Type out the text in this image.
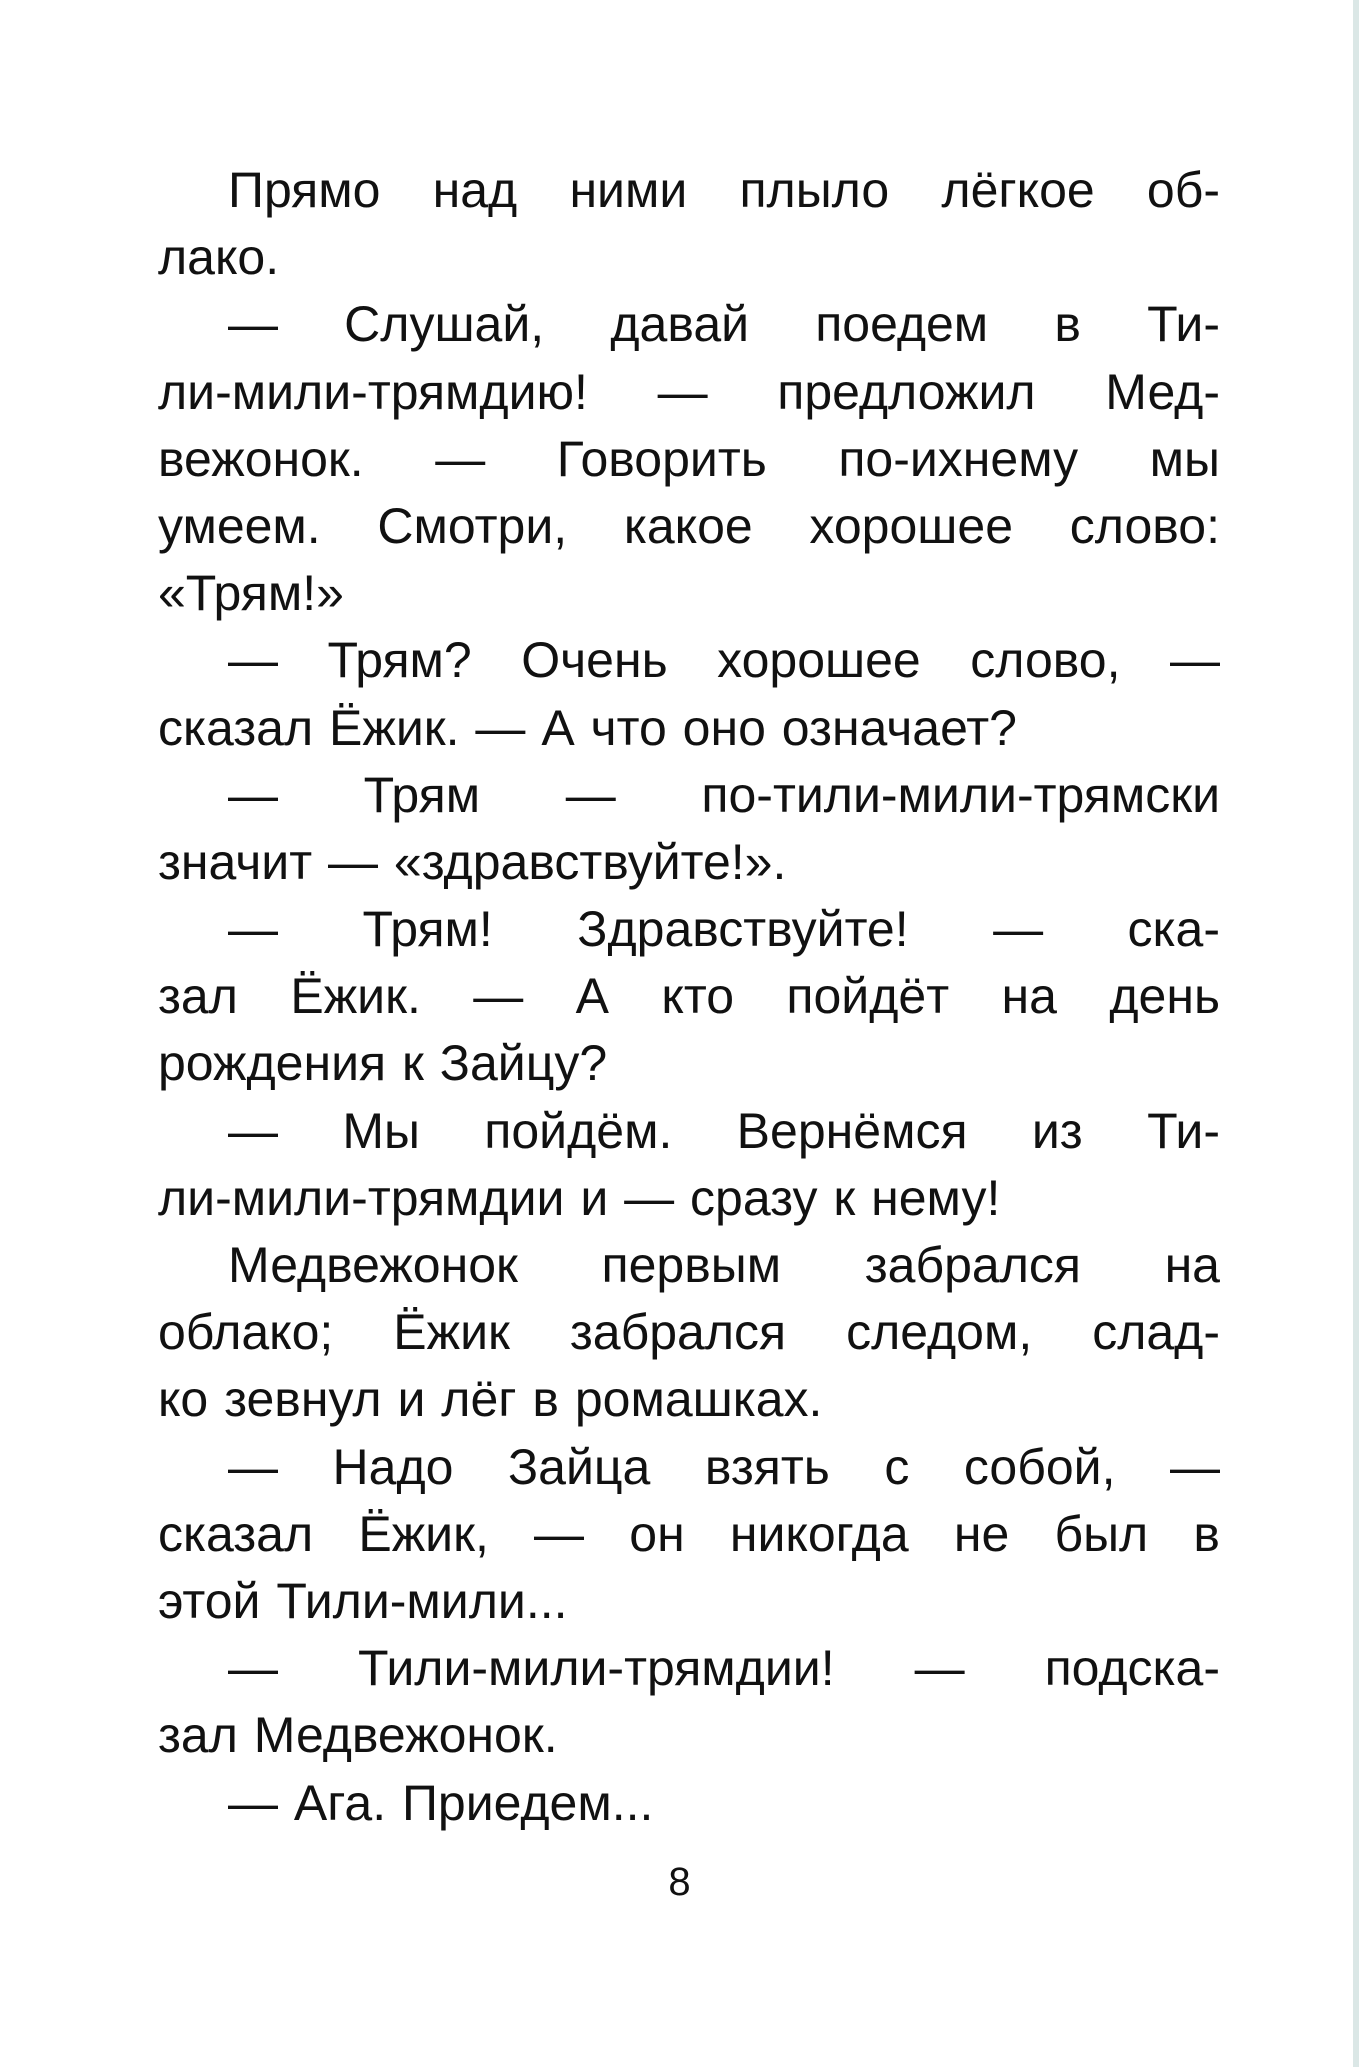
Прямо над ними плыло лёгкое об-
лако.
— Слушай, давай поедем в Ти-
ли-мили-трямдию! — предложил Мед-
вежонок. — Говорить по-ихнему мы
умеем. Смотри, какое хорошее слово:
«Трям!»
— Трям? Очень хорошее слово, —
сказал Ёжик. — А что оно означает?
— Трям — по-тили-мили-трямски
значит — «здравствуйте!».
— Трям! Здравствуйте! — ска-
зал Ёжик. — А кто пойдёт на день
рождения к Зайцу?
— Мы пойдём. Вернёмся из Ти-
ли-мили-трямдии и — сразу к нему!
Медвежонок первым забрался на
облако; Ёжик забрался следом, слад-
ко зевнул и лёг в ромашках.
— Надо Зайца взять с собой, —
сказал Ёжик, — он никогда не был в
этой Тили-мили...
— Тили-мили-трямдии! — подска-
зал Медвежонок.
— Ага. Приедем...
8
